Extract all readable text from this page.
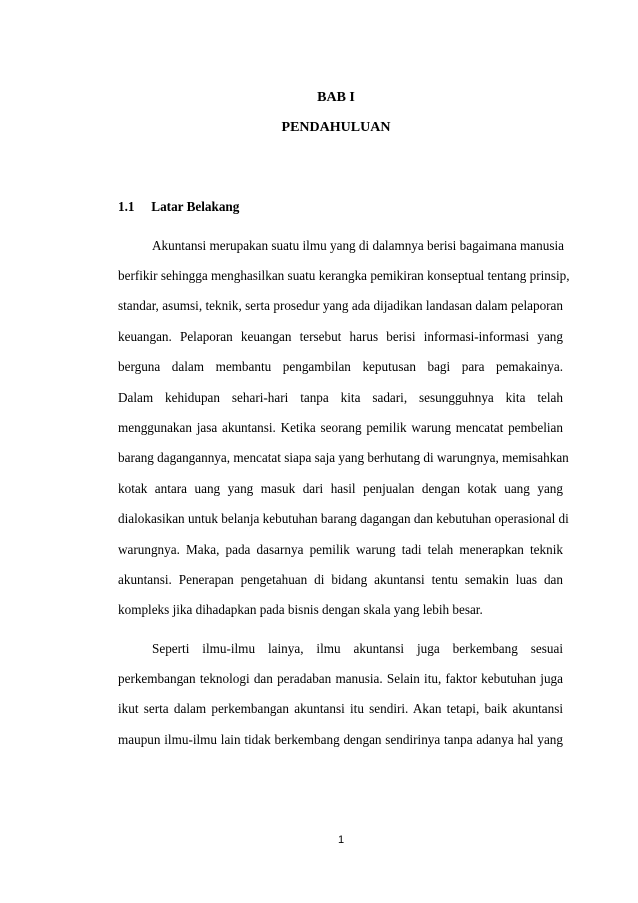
BAB I
PENDAHULUAN
1.1 Latar Belakang
Akuntansi merupakan suatu ilmu yang di dalamnya berisi bagaimana manusia
berfikir sehingga menghasilkan suatu kerangka pemikiran konseptual tentang prinsip,
standar, asumsi, teknik, serta prosedur yang ada dijadikan landasan dalam pelaporan
keuangan. Pelaporan keuangan tersebut harus berisi informasi-informasi yang
berguna dalam membantu pengambilan keputusan bagi para pemakainya.
Dalam kehidupan sehari-hari tanpa kita sadari, sesungguhnya kita telah
menggunakan jasa akuntansi. Ketika seorang pemilik warung mencatat pembelian
barang dagangannya, mencatat siapa saja yang berhutang di warungnya, memisahkan
kotak antara uang yang masuk dari hasil penjualan dengan kotak uang yang
dialokasikan untuk belanja kebutuhan barang dagangan dan kebutuhan operasional di
warungnya. Maka, pada dasarnya pemilik warung tadi telah menerapkan teknik
akuntansi. Penerapan pengetahuan di bidang akuntansi tentu semakin luas dan
kompleks jika dihadapkan pada bisnis dengan skala yang lebih besar.
Seperti ilmu-ilmu lainya, ilmu akuntansi juga berkembang sesuai
perkembangan teknologi dan peradaban manusia. Selain itu, faktor kebutuhan juga
ikut serta dalam perkembangan akuntansi itu sendiri. Akan tetapi, baik akuntansi
maupun ilmu-ilmu lain tidak berkembang dengan sendirinya tanpa adanya hal yang
1
